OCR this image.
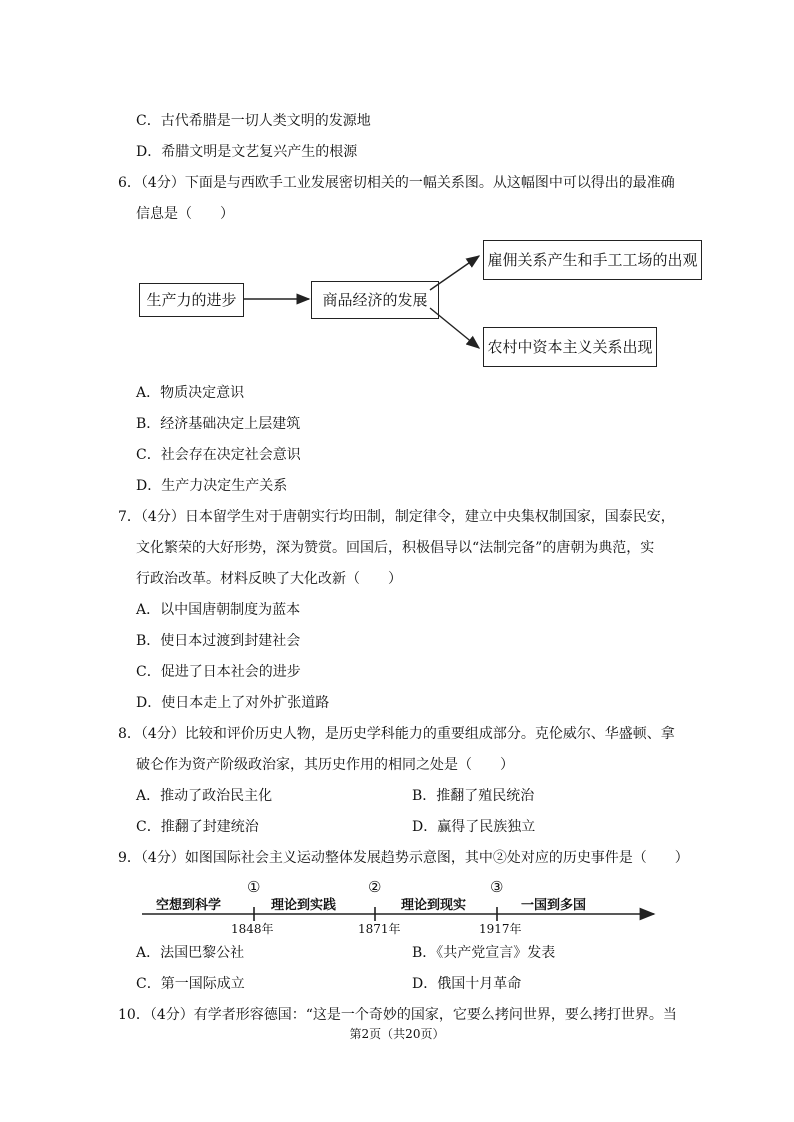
C．古代希腊是一切人类文明的发源地
D．希腊文明是文艺复兴产生的根源
6．（4分）下面是与西欧手工业发展密切相关的一幅关系图。从这幅图中可以得出的最准确
信息是（　　）
生产力的进步	商品经济的发展
雇佣关系产生和手工工场的出观
农村中资本主义关系出现
A．物质决定意识
B．经济基础决定上层建筑
C．社会存在决定社会意识
D．生产力决定生产关系
7．（4分）日本留学生对于唐朝实行均田制，制定律令，建立中央集权制国家，国泰民安，
文化繁荣的大好形势，深为赞赏。回国后，积极倡导以“法制完备”的唐朝为典范，实
行政治改革。材料反映了大化改新（　　）
A．以中国唐朝制度为蓝本
B．使日本过渡到封建社会
C．促进了日本社会的进步
D．使日本走上了对外扩张道路
8．（4分）比较和评价历史人物，是历史学科能力的重要组成部分。克伦威尔、华盛顿、拿
破仑作为资产阶级政治家，其历史作用的相同之处是（　　）
A．推动了政治民主化	B．推翻了殖民统治
C．推翻了封建统治	D．赢得了民族独立
9．（4分）如图国际社会主义运动整体发展趋势示意图，其中②处对应的历史事件是（　　）
空想到科学	理论到实践	理论到现实	一国到多国
①	②	③
1848年	1871年	1917年
A．法国巴黎公社	B．《共产党宣言》发表
C．第一国际成立	D．俄国十月革命
10．（4分）有学者形容德国：“这是一个奇妙的国家，它要么拷问世界，要么拷打世界。当
第2页（共20页）
